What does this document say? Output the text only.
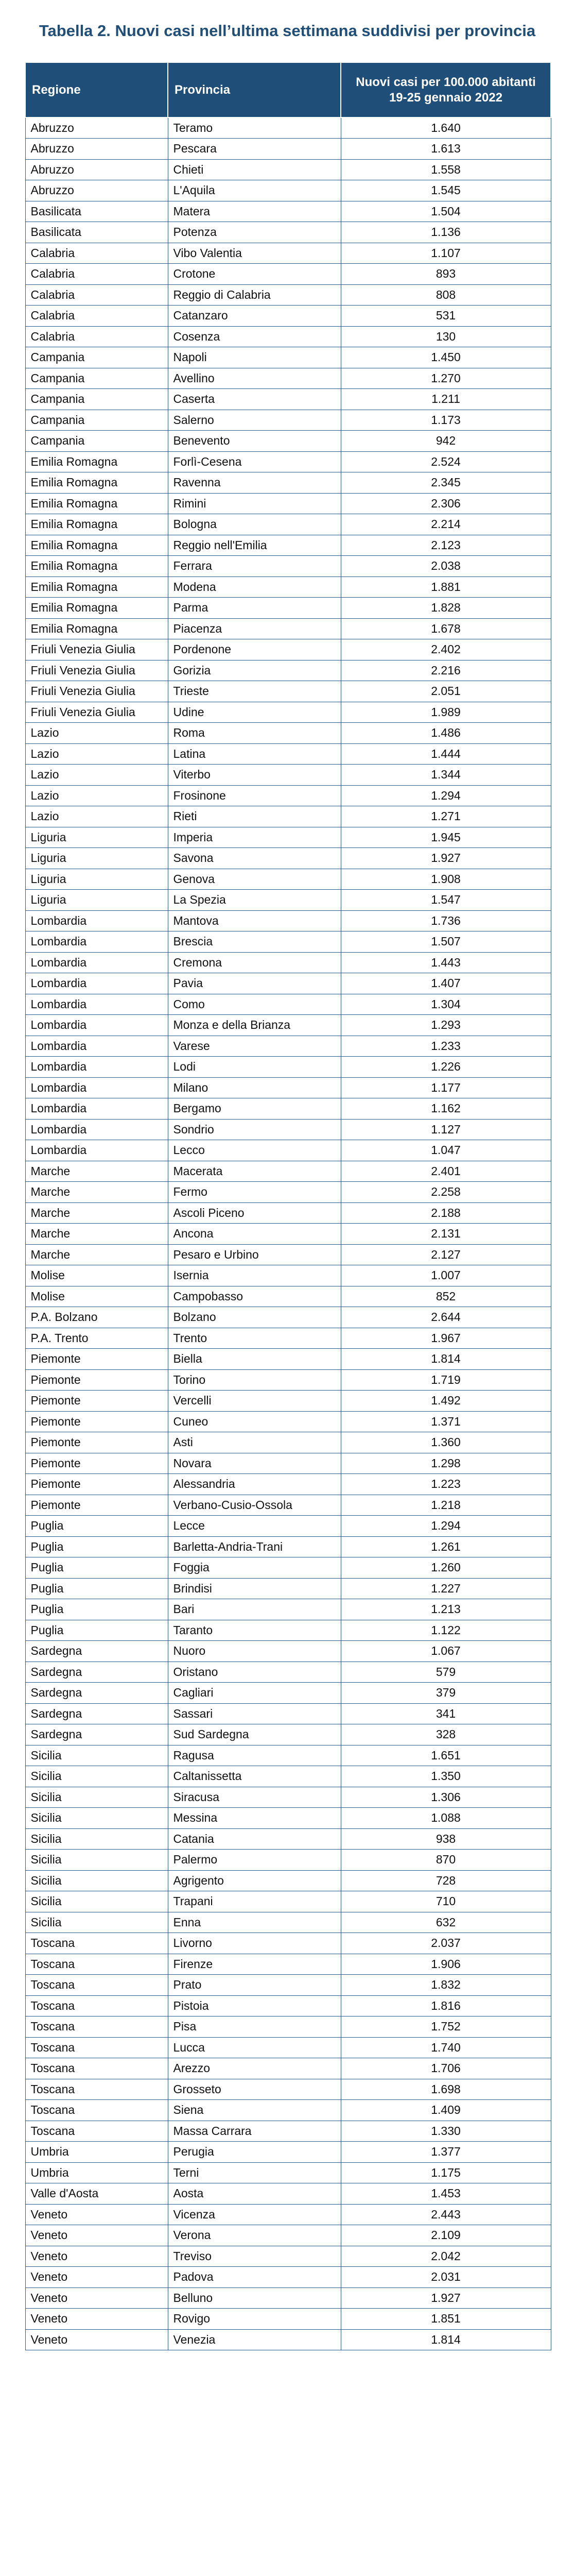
Tabella 2. Nuovi casi nell’ultima settimana suddivisi per provincia
Regione	Provincia	Nuovi casi per 100.000 abitanti
19-25 gennaio 2022

Abruzzo	Teramo	1.640
Abruzzo	Pescara	1.613
Abruzzo	Chieti	1.558
Abruzzo	L'Aquila	1.545
Basilicata	Matera	1.504
Basilicata	Potenza	1.136
Calabria	Vibo Valentia	1.107
Calabria	Crotone	893
Calabria	Reggio di Calabria	808
Calabria	Catanzaro	531
Calabria	Cosenza	130
Campania	Napoli	1.450
Campania	Avellino	1.270
Campania	Caserta	1.211
Campania	Salerno	1.173
Campania	Benevento	942
Emilia Romagna	Forlì-Cesena	2.524
Emilia Romagna	Ravenna	2.345
Emilia Romagna	Rimini	2.306
Emilia Romagna	Bologna	2.214
Emilia Romagna	Reggio nell'Emilia	2.123
Emilia Romagna	Ferrara	2.038
Emilia Romagna	Modena	1.881
Emilia Romagna	Parma	1.828
Emilia Romagna	Piacenza	1.678
Friuli Venezia Giulia	Pordenone	2.402
Friuli Venezia Giulia	Gorizia	2.216
Friuli Venezia Giulia	Trieste	2.051
Friuli Venezia Giulia	Udine	1.989
Lazio	Roma	1.486
Lazio	Latina	1.444
Lazio	Viterbo	1.344
Lazio	Frosinone	1.294
Lazio	Rieti	1.271
Liguria	Imperia	1.945
Liguria	Savona	1.927
Liguria	Genova	1.908
Liguria	La Spezia	1.547
Lombardia	Mantova	1.736
Lombardia	Brescia	1.507
Lombardia	Cremona	1.443
Lombardia	Pavia	1.407
Lombardia	Como	1.304
Lombardia	Monza e della Brianza	1.293
Lombardia	Varese	1.233
Lombardia	Lodi	1.226
Lombardia	Milano	1.177
Lombardia	Bergamo	1.162
Lombardia	Sondrio	1.127
Lombardia	Lecco	1.047
Marche	Macerata	2.401
Marche	Fermo	2.258
Marche	Ascoli Piceno	2.188
Marche	Ancona	2.131
Marche	Pesaro e Urbino	2.127
Molise	Isernia	1.007
Molise	Campobasso	852
P.A. Bolzano	Bolzano	2.644
P.A. Trento	Trento	1.967
Piemonte	Biella	1.814
Piemonte	Torino	1.719
Piemonte	Vercelli	1.492
Piemonte	Cuneo	1.371
Piemonte	Asti	1.360
Piemonte	Novara	1.298
Piemonte	Alessandria	1.223
Piemonte	Verbano-Cusio-Ossola	1.218
Puglia	Lecce	1.294
Puglia	Barletta-Andria-Trani	1.261
Puglia	Foggia	1.260
Puglia	Brindisi	1.227
Puglia	Bari	1.213
Puglia	Taranto	1.122
Sardegna	Nuoro	1.067
Sardegna	Oristano	579
Sardegna	Cagliari	379
Sardegna	Sassari	341
Sardegna	Sud Sardegna	328
Sicilia	Ragusa	1.651
Sicilia	Caltanissetta	1.350
Sicilia	Siracusa	1.306
Sicilia	Messina	1.088
Sicilia	Catania	938
Sicilia	Palermo	870
Sicilia	Agrigento	728
Sicilia	Trapani	710
Sicilia	Enna	632
Toscana	Livorno	2.037
Toscana	Firenze	1.906
Toscana	Prato	1.832
Toscana	Pistoia	1.816
Toscana	Pisa	1.752
Toscana	Lucca	1.740
Toscana	Arezzo	1.706
Toscana	Grosseto	1.698
Toscana	Siena	1.409
Toscana	Massa Carrara	1.330
Umbria	Perugia	1.377
Umbria	Terni	1.175
Valle d'Aosta	Aosta	1.453
Veneto	Vicenza	2.443
Veneto	Verona	2.109
Veneto	Treviso	2.042
Veneto	Padova	2.031
Veneto	Belluno	1.927
Veneto	Rovigo	1.851
Veneto	Venezia	1.814
